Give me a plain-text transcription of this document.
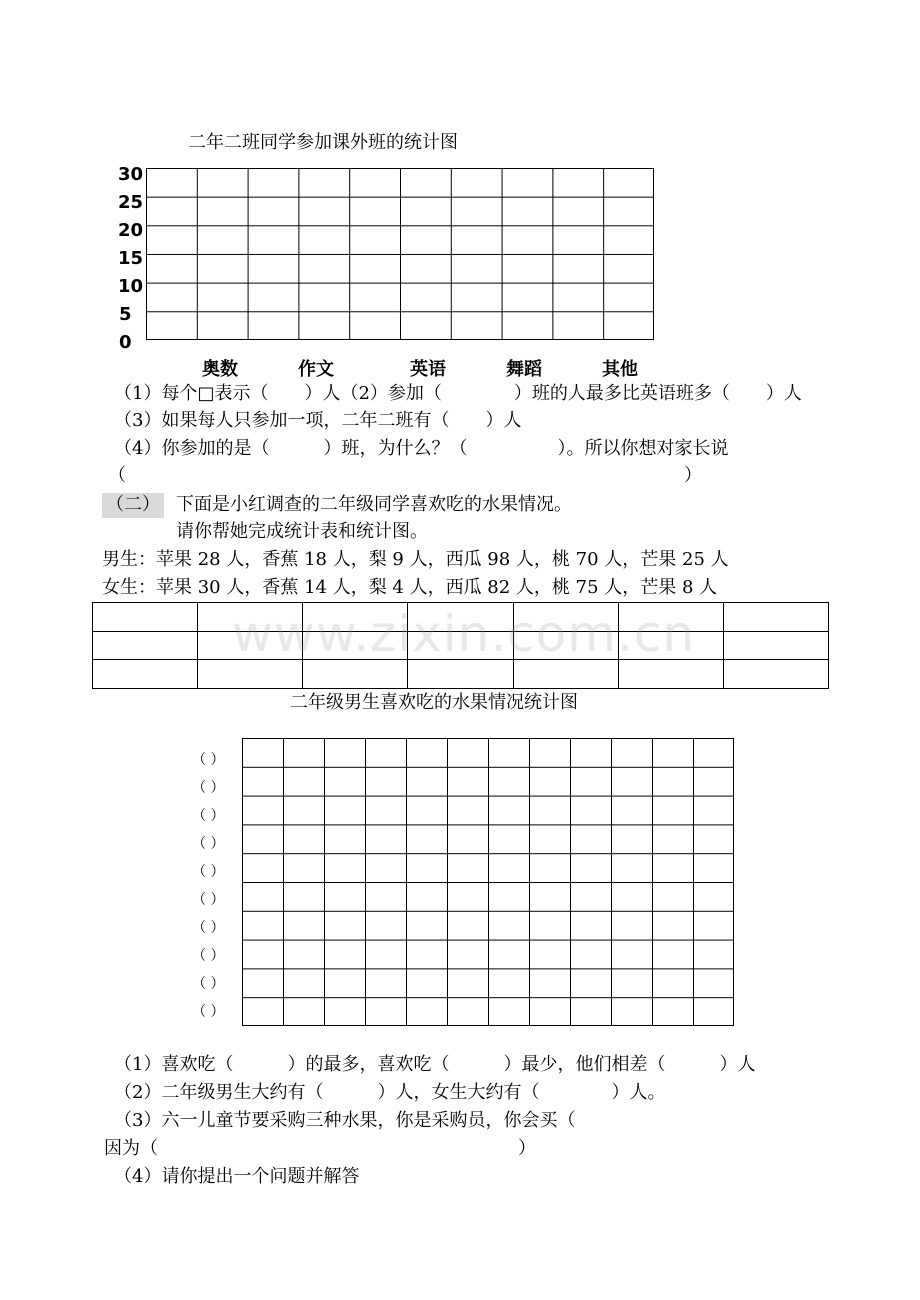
二年二班同学参加课外班的统计图
30
25
20
15
10
5
0
奥数	作文	英语	舞蹈	其他
（1）每个□表示（　　）人（2）参加（　　　　）班的人最多比英语班多（　　）人
（3）如果每人只参加一项，二年二班有（　　）人
（4）你参加的是（　　　）班，为什么？（　　　　　）。所以你想对家长说
（　　　　　　　　　　　　　　　　　　　　　　　　　　　　　　　）
（二） 下面是小红调查的二年级同学喜欢吃的水果情况。
请你帮她完成统计表和统计图。
男生：苹果 28 人，香蕉 18 人，梨 9 人，西瓜 98 人，桃 70 人，芒果 25 人
女生：苹果 30 人，香蕉 14 人，梨 4 人，西瓜 82 人，桃 75 人，芒果 8 人

www.zixin.com.cn
二年级男生喜欢吃的水果情况统计图
（ ）
（ ）
（ ）
（ ）
（ ）
（ ）
（ ）
（ ）
（ ）
（ ）
（1）喜欢吃（　　　）的最多，喜欢吃（　　　）最少，他们相差（　　　）人
（2）二年级男生大约有（　　　）人，女生大约有（　　　　）人。
（3）六一儿童节要采购三种水果，你是采购员，你会买（
因为（　　　　　　　　　　　　　　　　　　　　）
（4）请你提出一个问题并解答
